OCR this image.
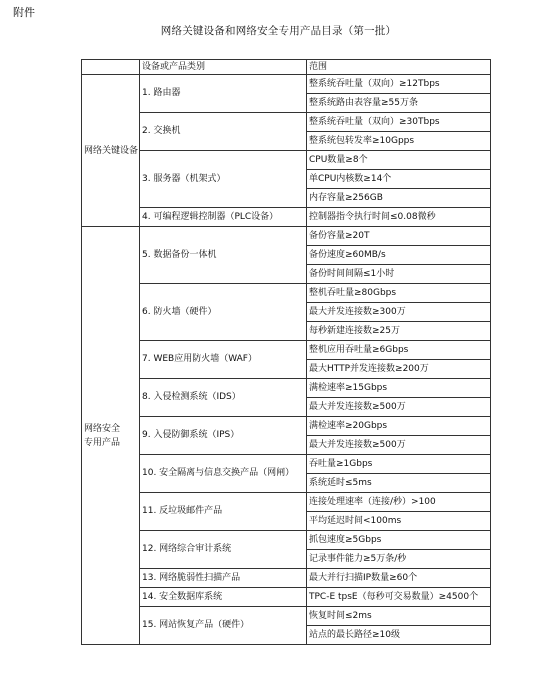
附件
网络关键设备和网络安全专用产品目录（第一批）
	设备或产品类别	范围
网络关键设备	1. 路由器	整系统吞吐量（双向）≥12Tbps
		整系统路由表容量≥55万条
	2. 交换机	整系统吞吐量（双向）≥30Tbps
		整系统包转发率≥10Gpps
	3. 服务器（机架式）	CPU数量≥8个
		单CPU内核数≥14个
		内存容量≥256GB
	4. 可编程逻辑控制器（PLC设备）	控制器指令执行时间≤0.08微秒

网络安全
专用产品	5. 数据备份一体机	备份容量≥20T
		备份速度≥60MB/s
		备份时间间隔≤1小时
	6. 防火墙（硬件）	整机吞吐量≥80Gbps
		最大并发连接数≥300万
		每秒新建连接数≥25万
	7. WEB应用防火墙（WAF）	整机应用吞吐量≥6Gbps
		最大HTTP并发连接数≥200万
	8. 入侵检测系统（IDS）	满检速率≥15Gbps
		最大并发连接数≥500万
	9. 入侵防御系统（IPS）	满检速率≥20Gbps
		最大并发连接数≥500万
	10. 安全隔离与信息交换产品（网闸）	吞吐量≥1Gbps
		系统延时≤5ms
	11. 反垃圾邮件产品	连接处理速率（连接/秒）>100
		平均延迟时间<100ms
	12. 网络综合审计系统	抓包速度≥5Gbps
		记录事件能力≥5万条/秒
	13. 网络脆弱性扫描产品	最大并行扫描IP数量≥60个
	14. 安全数据库系统	TPC-E tpsE（每秒可交易数量）≥4500个
	15. 网站恢复产品（硬件）	恢复时间≤2ms
		站点的最长路径≥10级
